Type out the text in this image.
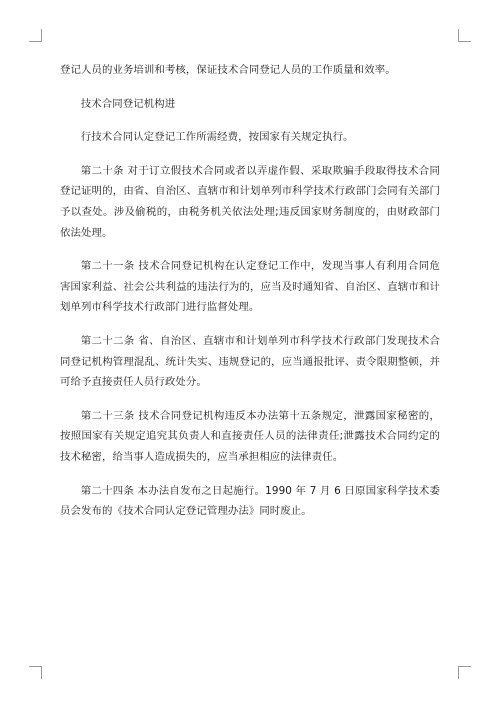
登记人员的业务培训和考核，保证技术合同登记人员的工作质量和效率。

技术合同登记机构进

行技术合同认定登记工作所需经费，按国家有关规定执行。

第二十条 对于订立假技术合同或者以弄虚作假、采取欺骗手段取得技术合同登记证明的，由省、自治区、直辖市和计划单列市科学技术行政部门会同有关部门予以查处。涉及偷税的，由税务机关依法处理;违反国家财务制度的，由财政部门依法处理。

第二十一条 技术合同登记机构在认定登记工作中，发现当事人有利用合同危害国家利益、社会公共利益的违法行为的，应当及时通知省、自治区、直辖市和计划单列市科学技术行政部门进行监督处理。

第二十二条 省、自治区、直辖市和计划单列市科学技术行政部门发现技术合同登记机构管理混乱、统计失实、违规登记的，应当通报批评、责令限期整顿，并可给予直接责任人员行政处分。

第二十三条 技术合同登记机构违反本办法第十五条规定，泄露国家秘密的，按照国家有关规定追究其负责人和直接责任人员的法律责任;泄露技术合同约定的技术秘密，给当事人造成损失的，应当承担相应的法律责任。

第二十四条 本办法自发布之日起施行。1990 年 7 月 6 日原国家科学技术委员会发布的《技术合同认定登记管理办法》同时废止。
